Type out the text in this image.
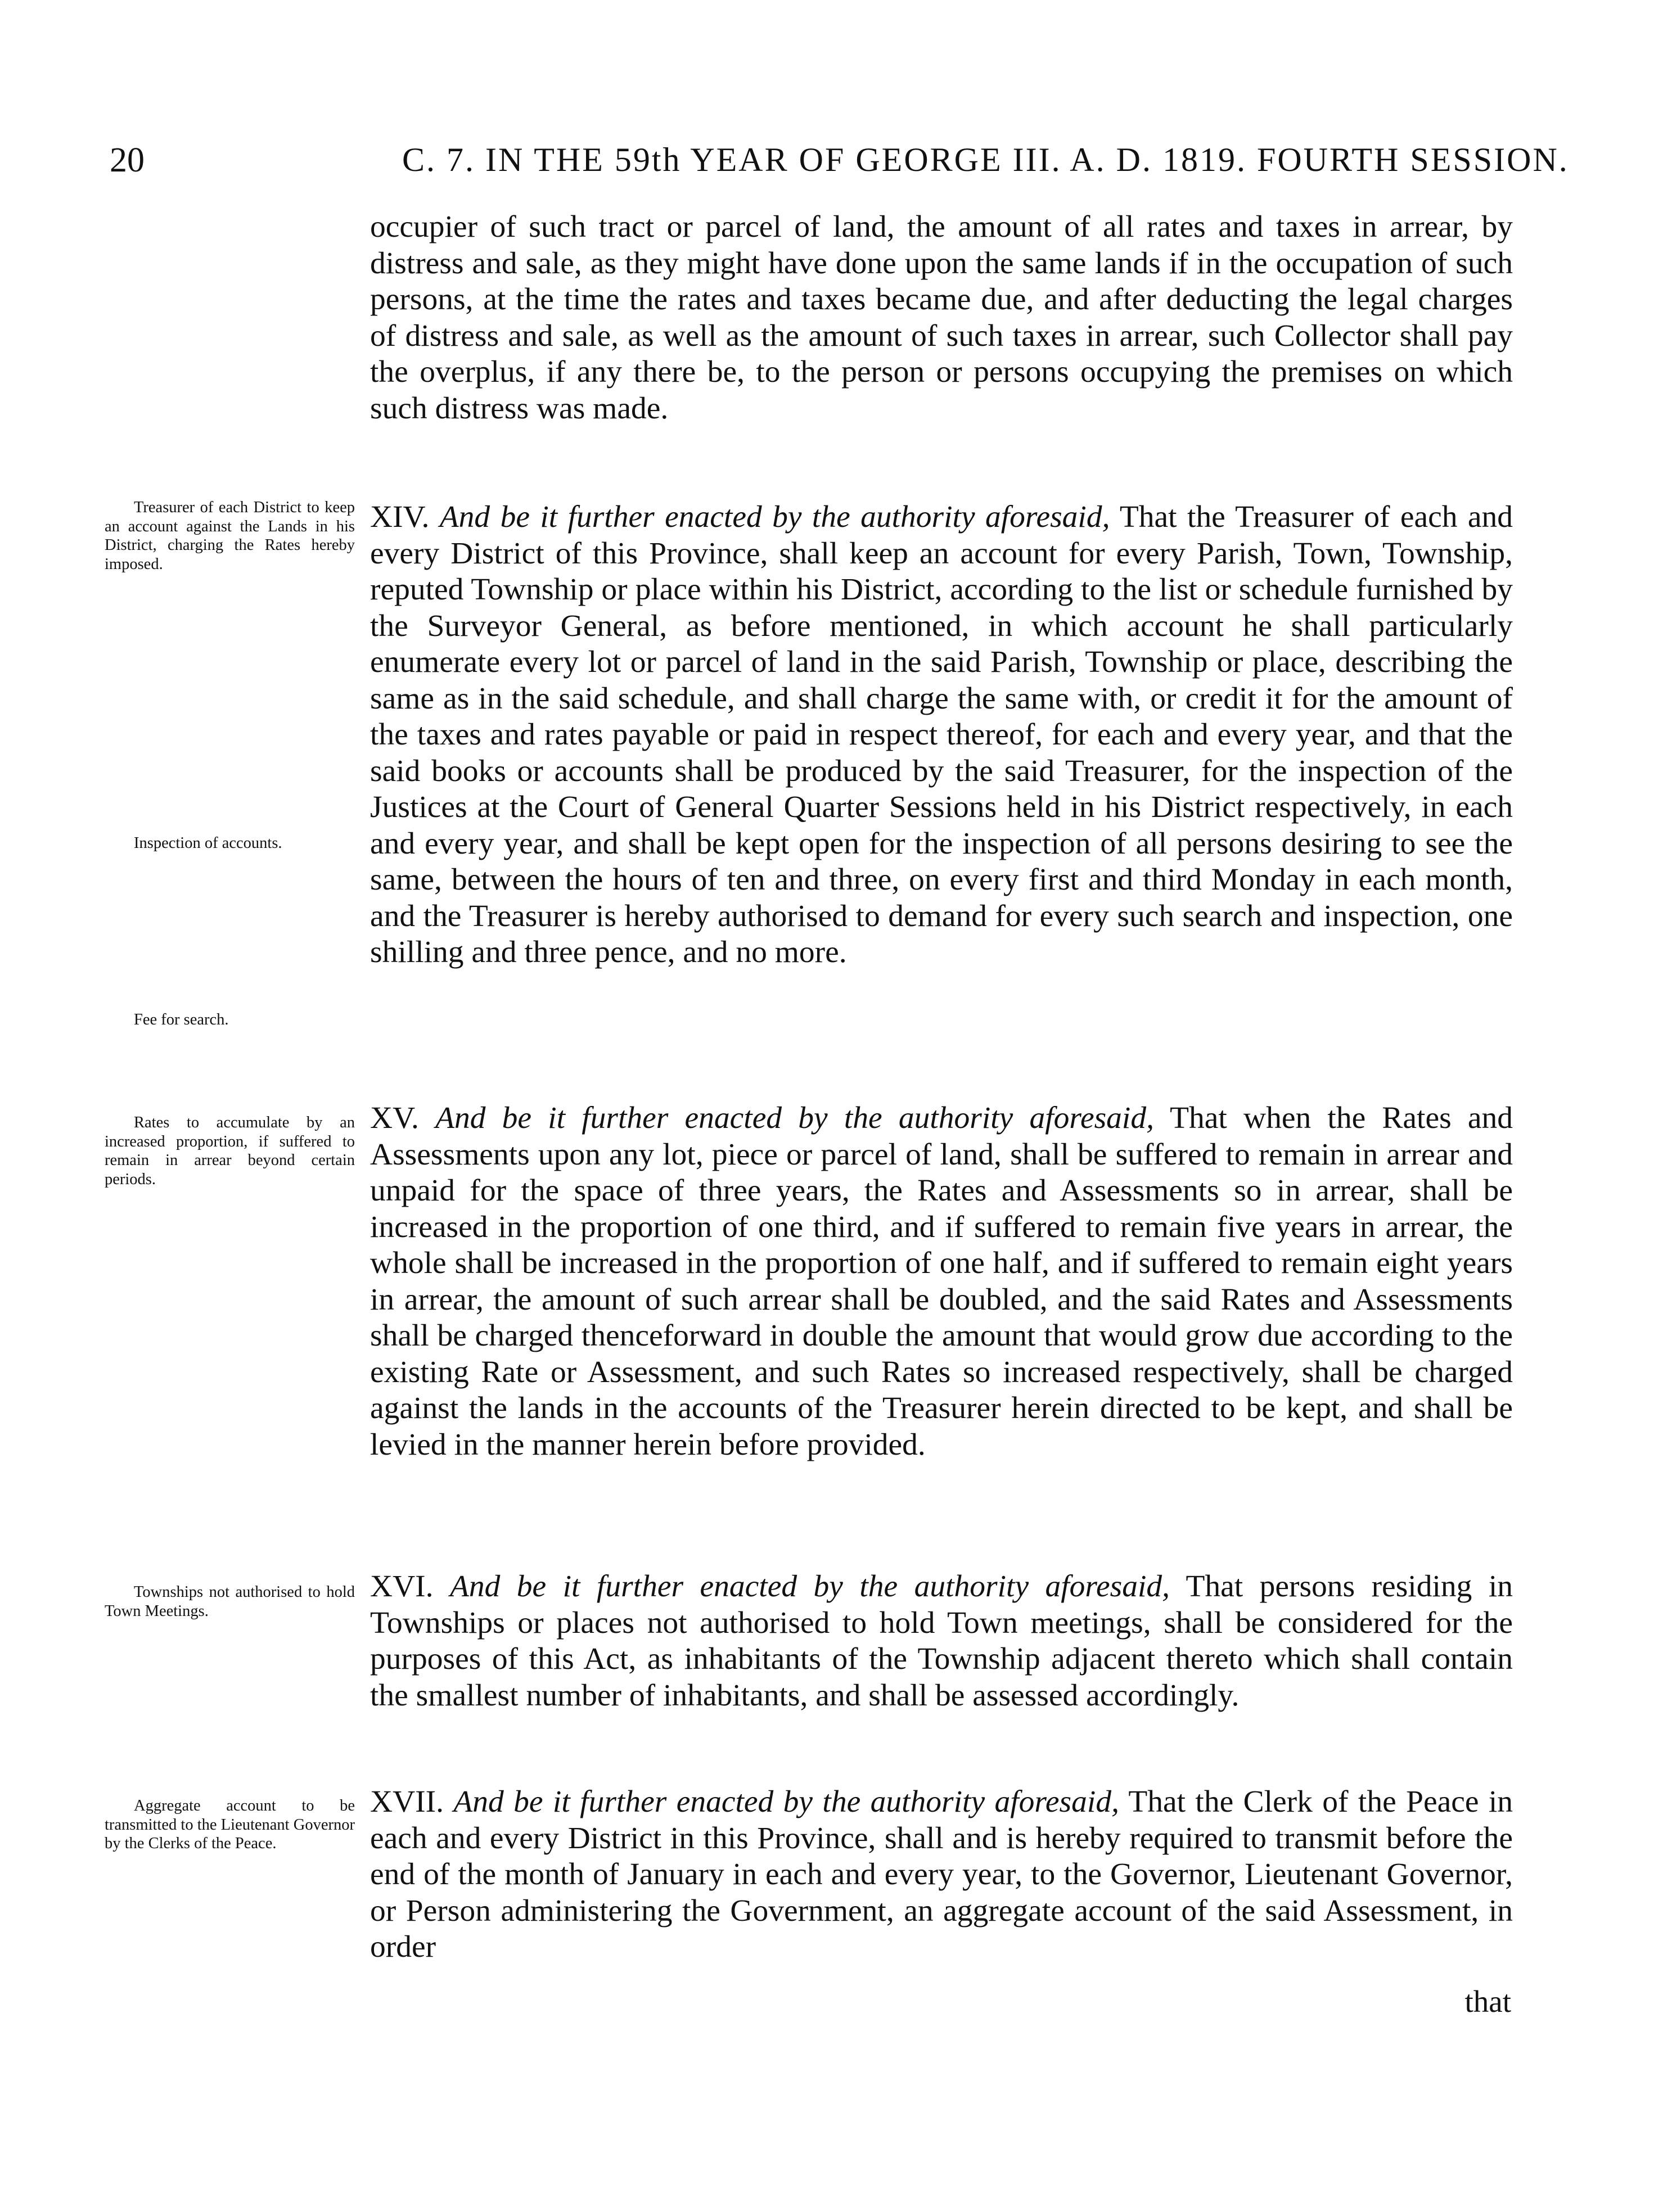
20	C. 7. IN THE 59th YEAR OF GEORGE III. A. D. 1819. FOURTH SESSION.
occupier of such tract or parcel of land, the amount of all rates and taxes in arrear, by distress and sale, as they might have done upon the same lands if in the occupation of such persons, at the time the rates and taxes became due, and after deducting the legal charges of distress and sale, as well as the amount of such taxes in arrear, such Collector shall pay the overplus, if any there be, to the person or persons occupying the premises on which such distress was made.
XIV. And be it further enacted by the authority aforesaid, That the Treasurer of each and every District of this Province, shall keep an account for every Parish, Town, Township, reputed Township or place within his District, according to the list or schedule furnished by the Surveyor General, as before mentioned, in which account he shall particularly enumerate every lot or parcel of land in the said Parish, Township or place, describing the same as in the said schedule, and shall charge the same with, or credit it for the amount of the taxes and rates payable or paid in respect thereof, for each and every year, and that the said books or accounts shall be produced by the said Treasurer, for the inspection of the Justices at the Court of General Quarter Sessions held in his District respectively, in each and every year, and shall be kept open for the inspection of all persons desiring to see the same, between the hours of ten and three, on every first and third Monday in each month, and the Treasurer is hereby authorised to demand for every such search and inspection, one shilling and three pence, and no more.
XV. And be it further enacted by the authority aforesaid, That when the Rates and Assessments upon any lot, piece or parcel of land, shall be suffered to remain in arrear and unpaid for the space of three years, the Rates and Assessments so in arrear, shall be increased in the proportion of one third, and if suffered to remain five years in arrear, the whole shall be increased in the proportion of one half, and if suffered to remain eight years in arrear, the amount of such arrear shall be doubled, and the said Rates and Assessments shall be charged thenceforward in double the amount that would grow due according to the existing Rate or Assessment, and such Rates so increased respectively, shall be charged against the lands in the accounts of the Treasurer herein directed to be kept, and shall be levied in the manner herein before provided.
XVI. And be it further enacted by the authority aforesaid, That persons residing in Townships or places not authorised to hold Town meetings, shall be considered for the purposes of this Act, as inhabitants of the Township adjacent thereto which shall contain the smallest number of inhabitants, and shall be assessed accordingly.
XVII. And be it further enacted by the authority aforesaid, That the Clerk of the Peace in each and every District in this Province, shall and is hereby required to transmit before the end of the month of January in each and every year, to the Governor, Lieutenant Governor, or Person administering the Government, an aggregate account of the said Assessment, in order
Treasurer of each District to keep an account against the Lands in his District, charging the Rates hereby imposed.
Inspection of accounts.
Fee for search.
Rates to accumulate by an increased proportion, if suffered to remain in arrear beyond certain periods.
Townships not authorised to hold Town Meetings.
Aggregate account to be transmitted to the Lieutenant Governor by the Clerks of the Peace.
that
